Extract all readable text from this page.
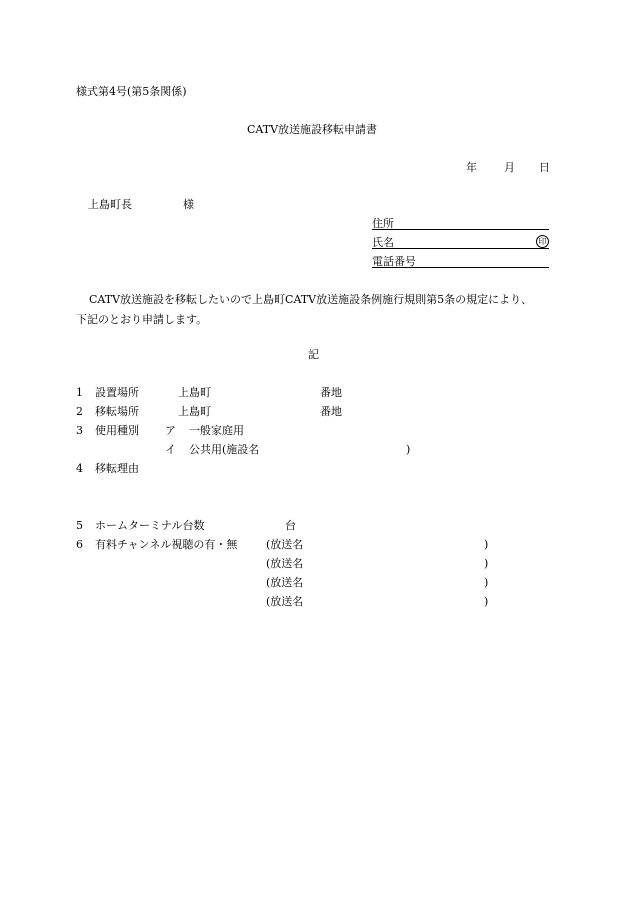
様式第4号(第5条関係)
CATV放送施設移転申請書
年 月 日
上島町長	様
住所
氏名	印
電話番号
CATV放送施設を移転したいので上島町CATV放送施設条例施行規則第5条の規定により、
下記のとおり申請します。
記
1 設置場所	上島町	番地
2 移転場所	上島町	番地
3 使用種別 ア 一般家庭用
イ 公共用(施設名	)
4 移転理由
5 ホームターミナル台数	台
6 有料チャンネル視聴の有・無	(放送名	)
(放送名	)
(放送名	)
(放送名	)
